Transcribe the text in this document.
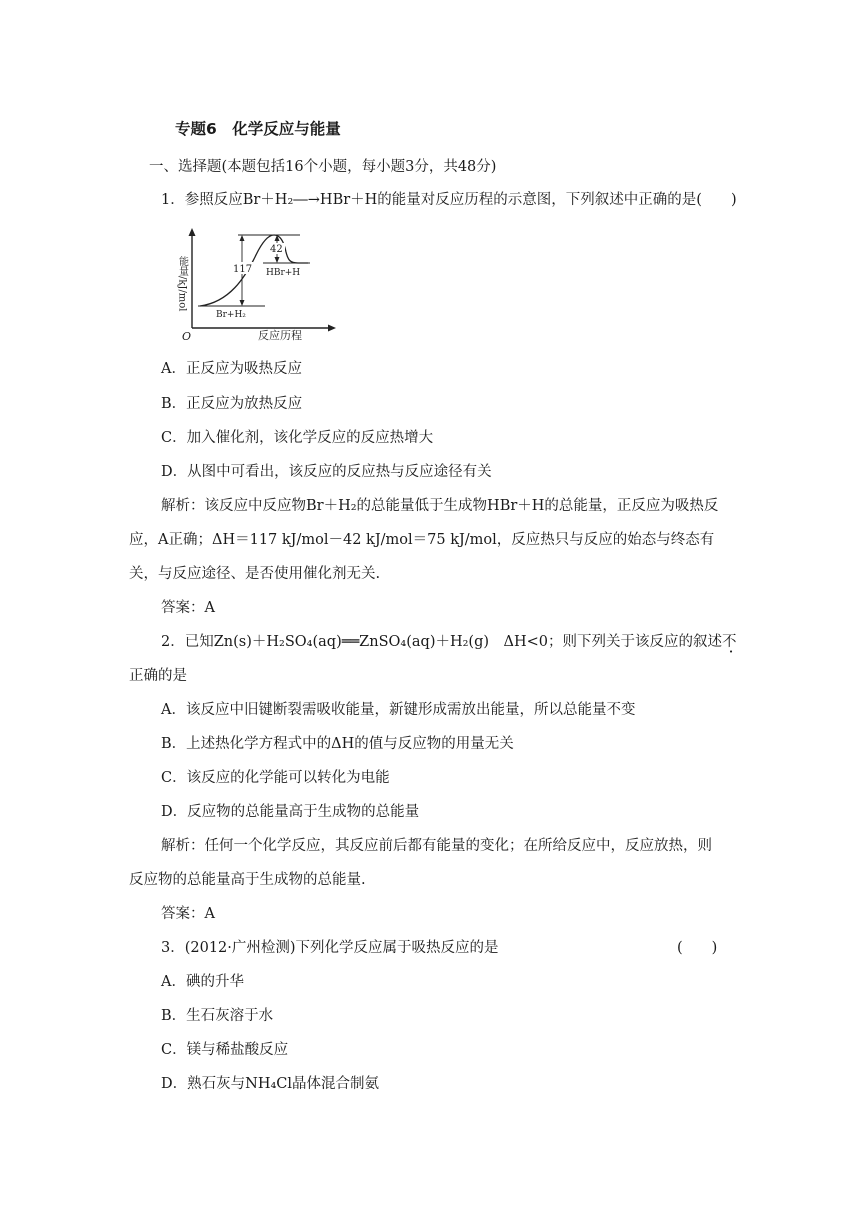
专题6　化学反应与能量
一、选择题(本题包括16个小题，每小题3分，共48分)
1．参照反应Br＋H₂―→HBr＋H的能量对反应历程的示意图，下列叙述中正确的是(　　)
能量/kJ/mol
O	反应历程
117
42
HBr+H
Br+H₂
A．正反应为吸热反应
B．正反应为放热反应
C．加入催化剂，该化学反应的反应热增大
D．从图中可看出，该反应的反应热与反应途径有关
解析：该反应中反应物Br＋H₂的总能量低于生成物HBr＋H的总能量，正反应为吸热反
应，A正确；ΔH＝117 kJ/mol－42 kJ/mol＝75 kJ/mol，反应热只与反应的始态与终态有
关，与反应途径、是否使用催化剂无关.
答案：A
2．已知Zn(s)＋H₂SO₄(aq)══ZnSO₄(aq)＋H₂(g)　ΔH<0；则下列关于该反应的叙述不
正确的是
A．该反应中旧键断裂需吸收能量，新键形成需放出能量，所以总能量不变
B．上述热化学方程式中的ΔH的值与反应物的用量无关
C．该反应的化学能可以转化为电能
D．反应物的总能量高于生成物的总能量
解析：任何一个化学反应，其反应前后都有能量的变化；在所给反应中，反应放热，则
反应物的总能量高于生成物的总能量.
答案：A
3．(2012·广州检测)下列化学反应属于吸热反应的是	(　　)
A．碘的升华
B．生石灰溶于水
C．镁与稀盐酸反应
D．熟石灰与NH₄Cl晶体混合制氨
